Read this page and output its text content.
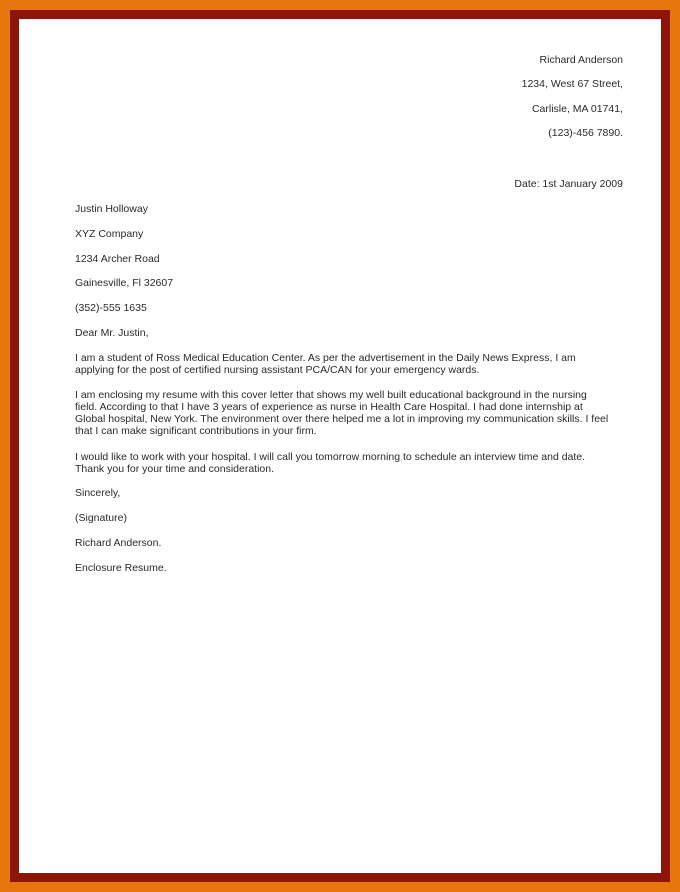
Richard Anderson
1234, West 67 Street,
Carlisle, MA 01741,
(123)-456 7890.
Date: 1st January 2009
Justin Holloway
XYZ Company
1234 Archer Road
Gainesville, Fl 32607
(352)-555 1635
Dear Mr. Justin,
I am a student of Ross Medical Education Center. As per the advertisement in the Daily News Express, I am
applying for the post of certified nursing assistant PCA/CAN for your emergency wards.
I am enclosing my resume with this cover letter that shows my well built educational background in the nursing
field. According to that I have 3 years of experience as nurse in Health Care Hospital. I had done internship at
Global hospital, New York. The environment over there helped me a lot in improving my communication skills. I feel
that I can make significant contributions in your firm.
I would like to work with your hospital. I will call you tomorrow morning to schedule an interview time and date.
Thank you for your time and consideration.
Sincerely,
(Signature)
Richard Anderson.
Enclosure Resume.
